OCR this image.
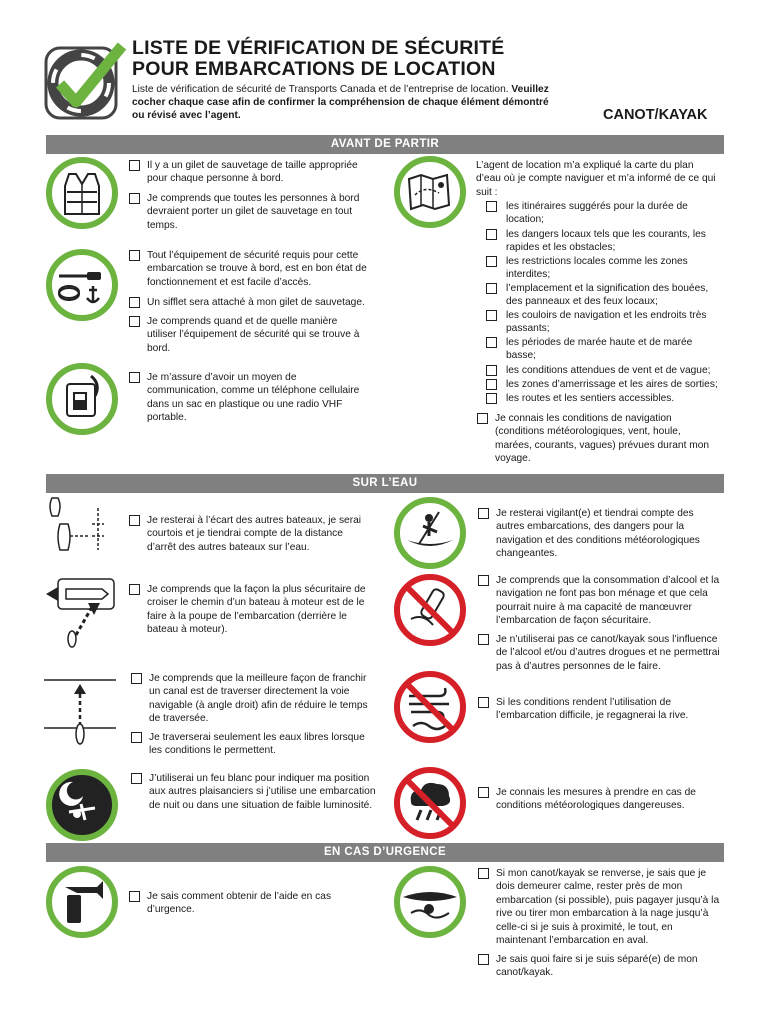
LISTE DE VÉRIFICATION DE SÉCURITÉ
POUR EMBARCATIONS DE LOCATION
Liste de vérification de sécurité de Transports Canada et de l’entreprise de location. Veuillez cocher chaque case afin de confirmer la compréhension de chaque élément démontré ou révisé avec l’agent.	CANOT/KAYAK
AVANT DE PARTIR
Il y a un gilet de sauvetage de taille appropriée pour chaque personne à bord.
Je comprends que toutes les personnes à bord devraient porter un gilet de sauvetage en tout temps.
Tout l’équipement de sécurité requis pour cette embarcation se trouve à bord, est en bon état de fonctionnement et est facile d’accès.
Un sifflet sera attaché à mon gilet de sauvetage.
Je comprends quand et de quelle manière utiliser l’équipement de sécurité qui se trouve à bord.
Je m’assure d’avoir un moyen de communication, comme un téléphone cellulaire dans un sac en plastique ou une radio VHF portable.
L’agent de location m’a expliqué la carte du plan d’eau où je compte naviguer et m’a informé de ce qui suit :
les itinéraires suggérés pour la durée de location;
les dangers locaux tels que les courants, les rapides et les obstacles;
les restrictions locales comme les zones interdites;
l’emplacement et la signification des bouées, des panneaux et des feux locaux;
les couloirs de navigation et les endroits très passants;
les périodes de marée haute et de marée basse;
les conditions attendues de vent et de vague;
les zones d’amerrissage et les aires de sorties;
les routes et les sentiers accessibles.
Je connais les conditions de navigation (conditions météorologiques, vent, houle, marées, courants, vagues) prévues durant mon voyage.
SUR L’EAU
Je resterai à l’écart des autres bateaux, je serai courtois et je tiendrai compte de la distance d’arrêt des autres bateaux sur l’eau.
Je comprends que la façon la plus sécuritaire de croiser le chemin d’un bateau à moteur est de le faire à la poupe de l’embarcation (derrière le bateau à moteur).
Je comprends que la meilleure façon de franchir un canal est de traverser directement la voie navigable (à angle droit) afin de réduire le temps de traversée.
Je traverserai seulement les eaux libres lorsque les conditions le permettent.
J’utiliserai un feu blanc pour indiquer ma position aux autres plaisanciers si j’utilise une embarcation de nuit ou dans une situation de faible luminosité.
Je resterai vigilant(e) et tiendrai compte des autres embarcations, des dangers pour la navigation et des conditions météorologiques changeantes.
Je comprends que la consommation d’alcool et la navigation ne font pas bon ménage et que cela pourrait nuire à ma capacité de manœuvrer l’embarcation de façon sécuritaire.
Je n’utiliserai pas ce canot/kayak sous l’influence de l’alcool et/ou d’autres drogues et ne permettrai pas à d’autres personnes de le faire.
Si les conditions rendent l’utilisation de l’embarcation difficile, je regagnerai la rive.
Je connais les mesures à prendre en cas de conditions météorologiques dangereuses.
EN CAS D’URGENCE
Je sais comment obtenir de l’aide en cas d’urgence.
Si mon canot/kayak se renverse, je sais que je dois demeurer calme, rester près de mon embarcation (si possible), puis pagayer jusqu’à la rive ou tirer mon embarcation à la nage jusqu’à celle-ci si je suis à proximité, le tout, en maintenant l’embarcation en aval.
Je sais quoi faire si je suis séparé(e) de mon canot/kayak.
